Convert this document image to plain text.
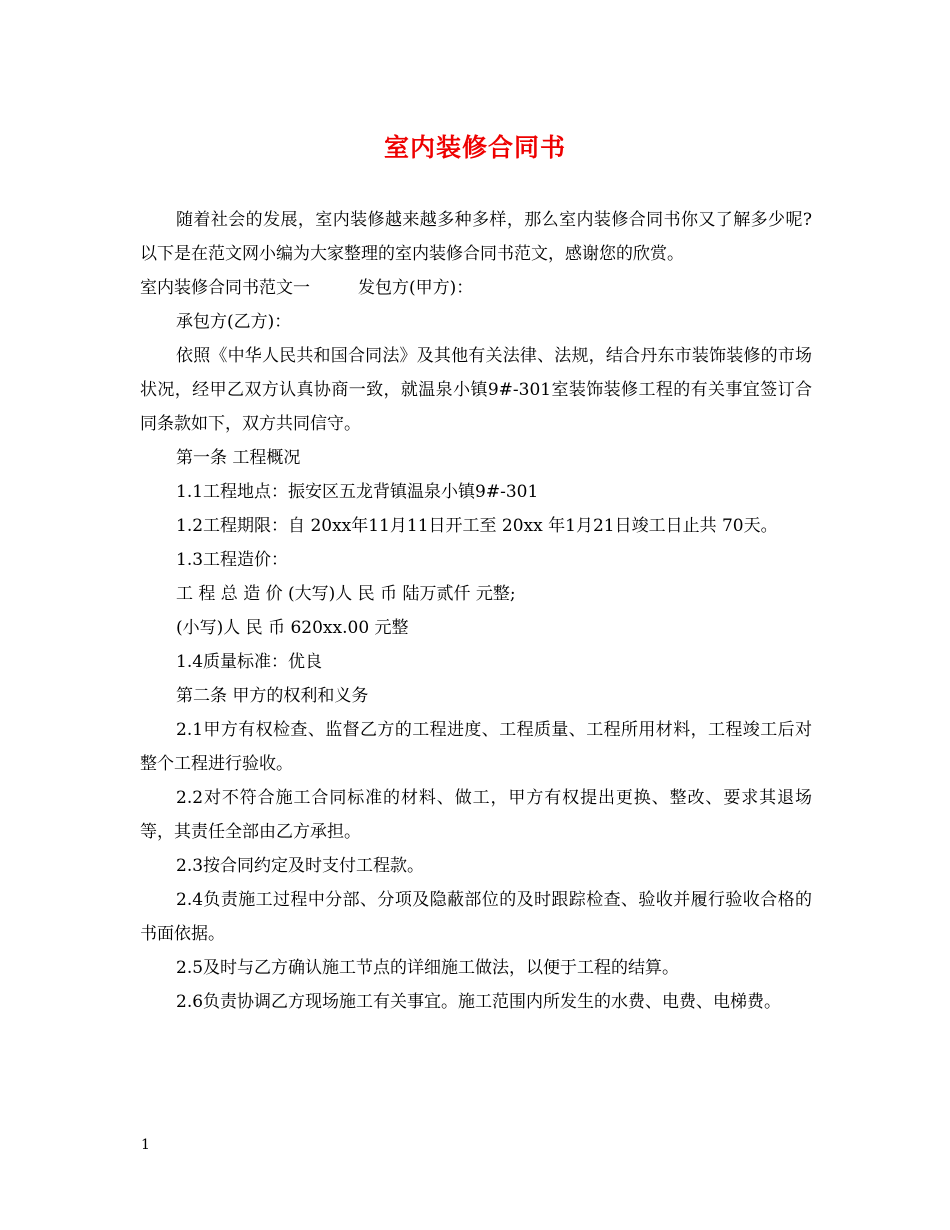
室内装修合同书

随着社会的发展，室内装修越来越多种多样，那么室内装修合同书你又了解多少呢?以下是在范文网小编为大家整理的室内装修合同书范文，感谢您的欣赏。

室内装修合同书范文一	发包方(甲方)：

承包方(乙方)：

依照《中华人民共和国合同法》及其他有关法律、法规，结合丹东市装饰装修的市场状况，经甲乙双方认真协商一致，就温泉小镇9#-301室装饰装修工程的有关事宜签订合同条款如下，双方共同信守。

第一条 工程概况

1.1工程地点：振安区五龙背镇温泉小镇9#-301

1.2工程期限：自 20xx年11月11日开工至 20xx 年1月21日竣工日止共 70天。

1.3工程造价：

工 程 总 造 价 (大写)人 民 币 陆万贰仟 元整;

(小写)人 民 币 620xx.00 元整

1.4质量标准：优良

第二条 甲方的权利和义务

2.1甲方有权检查、监督乙方的工程进度、工程质量、工程所用材料，工程竣工后对整个工程进行验收。

2.2对不符合施工合同标准的材料、做工，甲方有权提出更换、整改、要求其退场等，其责任全部由乙方承担。

2.3按合同约定及时支付工程款。

2.4负责施工过程中分部、分项及隐蔽部位的及时跟踪检查、验收并履行验收合格的书面依据。

2.5及时与乙方确认施工节点的详细施工做法，以便于工程的结算。

2.6负责协调乙方现场施工有关事宜。施工范围内所发生的水费、电费、电梯费。

1
